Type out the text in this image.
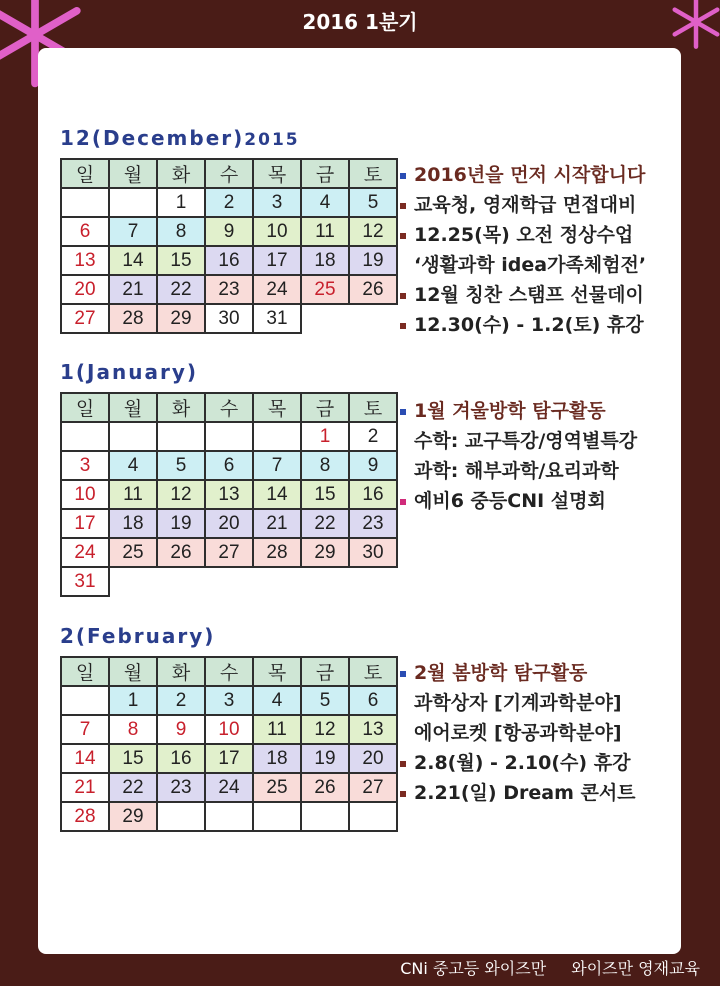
2016 1분기
12(December)2015
일	월	화	수	목	금	토
		1	2	3	4	5
6	7	8	9	10	11	12
13	14	15	16	17	18	19
20	21	22	23	24	25	26
27	28	29	30	31		
2016년을 먼저 시작합니다
교육청, 영재학급 면접대비
12.25(목) 오전 정상수업
‘생활과학 idea가족체험전’
12월 칭찬 스탬프 선물데이
12.30(수) - 1.2(토) 휴강
1(January)
일	월	화	수	목	금	토
					1	2
3	4	5	6	7	8	9
10	11	12	13	14	15	16
17	18	19	20	21	22	23
24	25	26	27	28	29	30
31						
1월 겨울방학 탐구활동
수학: 교구특강/영역별특강
과학: 해부과학/요리과학
예비6 중등CNI 설명회
2(February)
일	월	화	수	목	금	토
	1	2	3	4	5	6
7	8	9	10	11	12	13
14	15	16	17	18	19	20
21	22	23	24	25	26	27
28	29					
2월 봄방학 탐구활동
과학상자 [기계과학분야]
에어로켓 [항공과학분야]
2.8(월) - 2.10(수) 휴강
2.21(일) Dream 콘서트
CNi 중고등 와이즈만 와이즈만 영재교육
